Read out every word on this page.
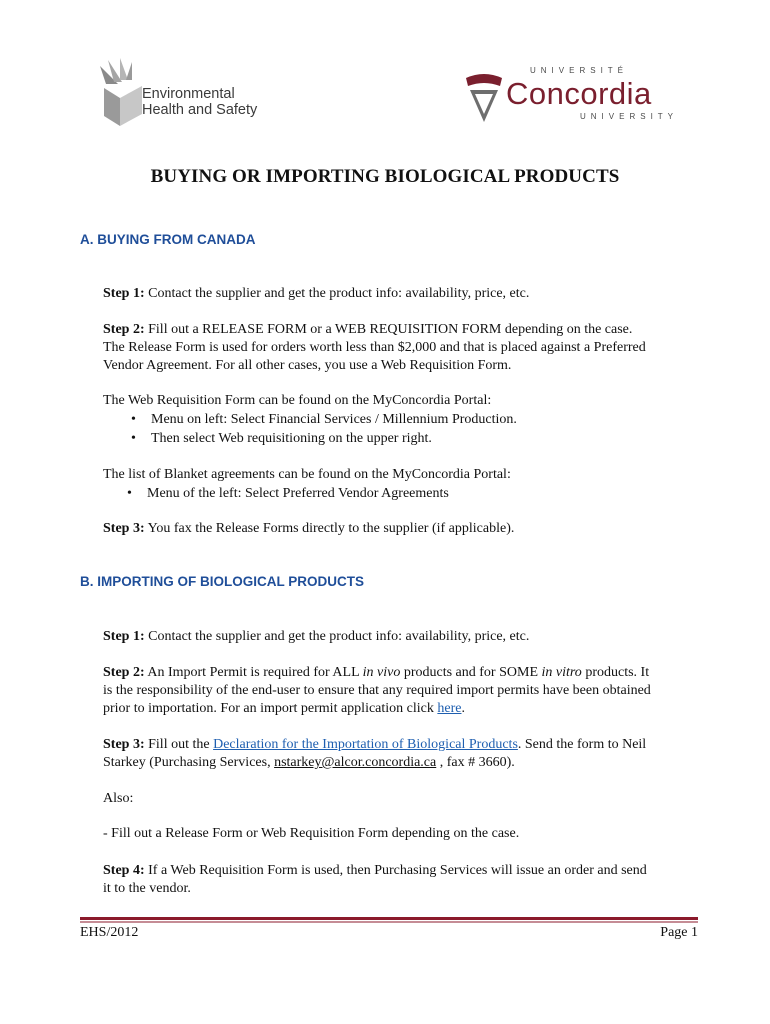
Environmental
Health and Safety
UNIVERSITÉ
Concordia
UNIVERSITY
BUYING OR IMPORTING BIOLOGICAL PRODUCTS
A. BUYING FROM CANADA
Step 1: Contact the supplier and get the product info: availability, price, etc.
Step 2: Fill out a RELEASE FORM or a WEB REQUISITION FORM depending on the case.
The Release Form is used for orders worth less than $2,000 and that is placed against a Preferred
Vendor Agreement. For all other cases, you use a Web Requisition Form.
The Web Requisition Form can be found on the MyConcordia Portal:
• Menu on left: Select Financial Services / Millennium Production.
• Then select Web requisitioning on the upper right.
The list of Blanket agreements can be found on the MyConcordia Portal:
• Menu of the left: Select Preferred Vendor Agreements
Step 3: You fax the Release Forms directly to the supplier (if applicable).
B. IMPORTING OF BIOLOGICAL PRODUCTS
Step 1: Contact the supplier and get the product info: availability, price, etc.
Step 2: An Import Permit is required for ALL in vivo products and for SOME in vitro products. It
is the responsibility of the end-user to ensure that any required import permits have been obtained
prior to importation. For an import permit application click here.
Step 3: Fill out the Declaration for the Importation of Biological Products. Send the form to Neil
Starkey (Purchasing Services, nstarkey@alcor.concordia.ca , fax # 3660).
Also:
- Fill out a Release Form or Web Requisition Form depending on the case.
Step 4: If a Web Requisition Form is used, then Purchasing Services will issue an order and send
it to the vendor.
EHS/2012	Page 1
